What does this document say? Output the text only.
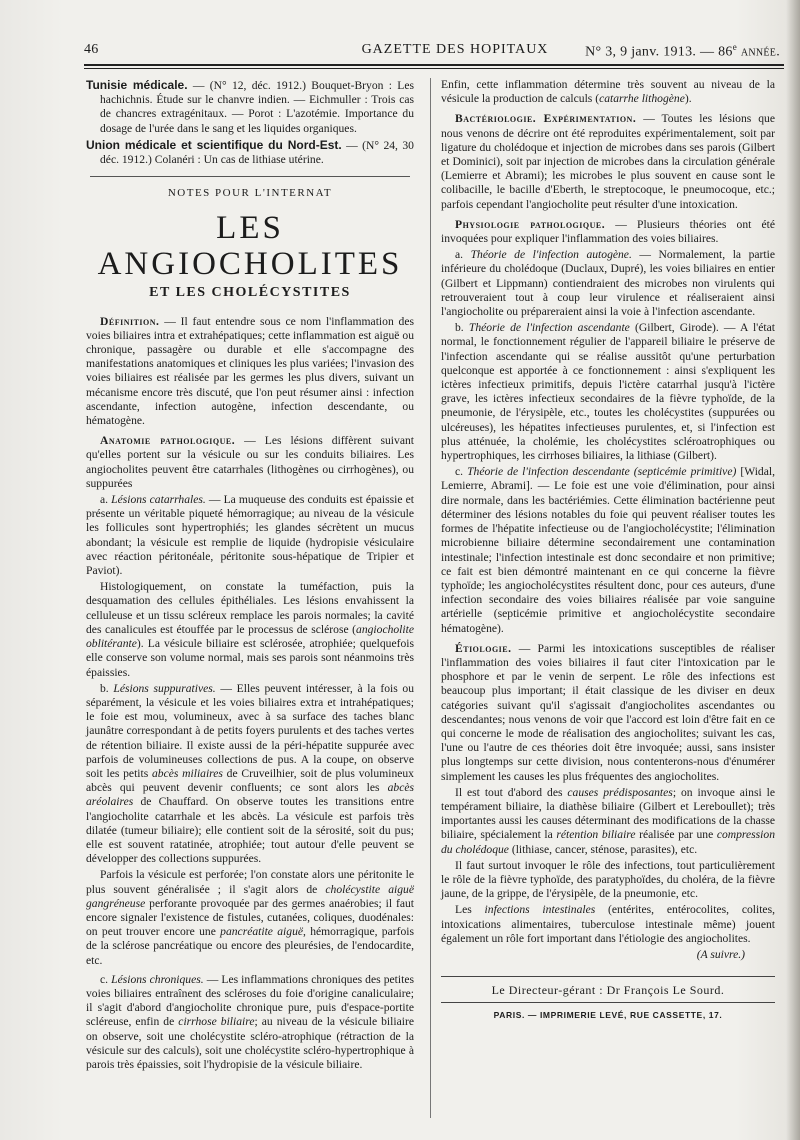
46	GAZETTE DES HOPITAUX	N° 3, 9 janv. 1913. — 86e année.

Tunisie médicale. — (N° 12, déc. 1912.) Bouquet-Bryon : Les hachichnis. Étude sur le chanvre indien. — Eichmuller : Trois cas de chancres extragénitaux. — Porot : L'azotémie. Importance du dosage de l'urée dans le sang et les liquides organiques.

Union médicale et scientifique du Nord-Est. — (N° 24, 30 déc. 1912.) Colanéri : Un cas de lithiase utérine.

NOTES POUR L'INTERNAT
LES ANGIOCHOLITES
ET LES CHOLÉCYSTITES

Définition. — Il faut entendre sous ce nom l'inflammation des voies biliaires intra et extrahépatiques; cette inflammation est aiguë ou chronique, passagère ou durable et elle s'accompagne des manifestations anatomiques et cliniques les plus variées; l'invasion des voies biliaires est réalisée par les germes les plus divers, suivant un mécanisme encore très discuté, que l'on peut résumer ainsi : infection ascendante, infection autogène, infection descendante, ou hématogène.

Anatomie pathologique. — Les lésions diffèrent suivant qu'elles portent sur la vésicule ou sur les conduits biliaires. Les angiocholites peuvent être catarrhales (lithogènes ou cirrhogènes), ou suppurées

a. Lésions catarrhales. — La muqueuse des conduits est épaissie et présente un véritable piqueté hémorragique; au niveau de la vésicule les follicules sont hypertrophiés; les glandes sécrètent un mucus abondant; la vésicule est remplie de liquide (hydropisie vésiculaire avec réaction péritonéale, péritonite sous-hépatique de Tripier et Paviot).

Histologiquement, on constate la tuméfaction, puis la desquamation des cellules épithéliales. Les lésions envahissent la celluleuse et un tissu scléreux remplace les parois normales; la cavité des canalicules est étouffée par le processus de sclérose (angiocholite oblitérante). La vésicule biliaire est sclérosée, atrophiée; quelquefois elle conserve son volume normal, mais ses parois sont néanmoins très épaissies.

b. Lésions suppuratives. — Elles peuvent intéresser, à la fois ou séparément, la vésicule et les voies biliaires extra et intrahépatiques; le foie est mou, volumineux, avec à sa surface des taches blanc jaunâtre correspondant à de petits foyers purulents et des taches vertes de rétention biliaire. Il existe aussi de la péri-hépatite suppurée avec parfois de volumineuses collections de pus. A la coupe, on observe soit les petits abcès miliaires de Cruveilhier, soit de plus volumineux abcès qui peuvent devenir confluents; ce sont alors les abcès aréolaires de Chauffard. On observe toutes les transitions entre l'angiocholite catarrhale et les abcès. La vésicule est parfois très dilatée (tumeur biliaire); elle contient soit de la sérosité, soit du pus; elle est souvent ratatinée, atrophiée; tout autour d'elle peuvent se développer des collections suppurées.

Parfois la vésicule est perforée; l'on constate alors une péritonite le plus souvent généralisée ; il s'agit alors de cholécystite aiguë gangréneuse perforante provoquée par des germes anaérobies; il faut encore signaler l'existence de fistules, cutanées, coliques, duodénales: on peut trouver encore une pancréatite aiguë, hémorragique, parfois de la sclérose pancréatique ou encore des pleurésies, de l'endocardite, etc.

c. Lésions chroniques. — Les inflammations chroniques des petites voies biliaires entraînent des scléroses du foie d'origine canaliculaire; il s'agit d'abord d'angiocholite chronique pure, puis d'espace-portite scléreuse, enfin de cirrhose biliaire; au niveau de la vésicule biliaire on observe, soit une cholécystite scléro-atrophique (rétraction de la vésicule sur des calculs), soit une cholécystite scléro-hypertrophique à parois très épaissies, soit l'hydropisie de la vésicule biliaire.

Enfin, cette inflammation détermine très souvent au niveau de la vésicule la production de calculs (catarrhe lithogène).

Bactériologie. Expérimentation. — Toutes les lésions que nous venons de décrire ont été reproduites expérimentalement, soit par ligature du cholédoque et injection de microbes dans ses parois (Gilbert et Dominici), soit par injection de microbes dans la circulation générale (Lemierre et Abrami); les microbes le plus souvent en cause sont le colibacille, le bacille d'Eberth, le streptocoque, le pneumocoque, etc.; parfois cependant l'angiocholite peut résulter d'une intoxication.

Physiologie pathologique. — Plusieurs théories ont été invoquées pour expliquer l'inflammation des voies biliaires.

a. Théorie de l'infection autogène. — Normalement, la partie inférieure du cholédoque (Duclaux, Dupré), les voies biliaires en entier (Gilbert et Lippmann) contiendraient des microbes non virulents qui retrouveraient tout à coup leur virulence et réaliseraient ainsi l'angiocholite ou prépareraient ainsi la voie à l'infection ascendante.

b. Théorie de l'infection ascendante (Gilbert, Girode). — A l'état normal, le fonctionnement régulier de l'appareil biliaire le préserve de l'infection ascendante qui se réalise aussitôt qu'une perturbation quelconque est apportée à ce fonctionnement : ainsi s'expliquent les ictères infectieux primitifs, depuis l'ictère catarrhal jusqu'à l'ictère grave, les ictères infectieux secondaires de la fièvre typhoïde, de la pneumonie, de l'érysipèle, etc., toutes les cholécystites (suppurées ou ulcéreuses), les hépatites infectieuses purulentes, et, si l'infection est plus atténuée, la cholémie, les cholécystites scléroatrophiques ou hypertrophiques, les cirrhoses biliaires, la lithiase (Gilbert).

c. Théorie de l'infection descendante (septicémie primitive) [Widal, Lemierre, Abrami]. — Le foie est une voie d'élimination, pour ainsi dire normale, dans les bactériémies. Cette élimination bactérienne peut déterminer des lésions notables du foie qui peuvent réaliser toutes les formes de l'hépatite infectieuse ou de l'angiocholécystite; l'élimination microbienne biliaire détermine secondairement une contamination intestinale; l'infection intestinale est donc secondaire et non primitive; ce fait est bien démontré maintenant en ce qui concerne la fièvre typhoïde; les angiocholécystites résultent donc, pour ces auteurs, d'une infection secondaire des voies biliaires réalisée par voie sanguine artérielle (septicémie primitive et angiocholécystite secondaire hématogène).

Étiologie. — Parmi les intoxications susceptibles de réaliser l'inflammation des voies biliaires il faut citer l'intoxication par le phosphore et par le venin de serpent. Le rôle des infections est beaucoup plus important; il était classique de les diviser en deux catégories suivant qu'il s'agissait d'angiocholites ascendantes ou descendantes; nous venons de voir que l'accord est loin d'être fait en ce qui concerne le mode de réalisation des angiocholites; suivant les cas, l'une ou l'autre de ces théories doit être invoquée; aussi, sans insister plus longtemps sur cette division, nous contenterons-nous d'énumérer simplement les causes les plus fréquentes des angiocholites.

Il est tout d'abord des causes prédisposantes; on invoque ainsi le tempérament biliaire, la diathèse biliaire (Gilbert et Lereboullet); très importantes aussi les causes déterminant des modifications de la chasse biliaire, spécialement la rétention biliaire réalisée par une compression du cholédoque (lithiase, cancer, sténose, parasites), etc.

Il faut surtout invoquer le rôle des infections, tout particulièrement le rôle de la fièvre typhoïde, des paratyphoïdes, du choléra, de la fièvre jaune, de la grippe, de l'érysipèle, de la pneumonie, etc.

Les infections intestinales (entérites, entérocolites, colites, intoxications alimentaires, tuberculose intestinale même) jouent également un rôle fort important dans l'étiologie des angiocholites.

(A suivre.)

Le Directeur-gérant : Dr François Le Sourd.
PARIS. — IMPRIMERIE LEVÉ, RUE CASSETTE, 17.
